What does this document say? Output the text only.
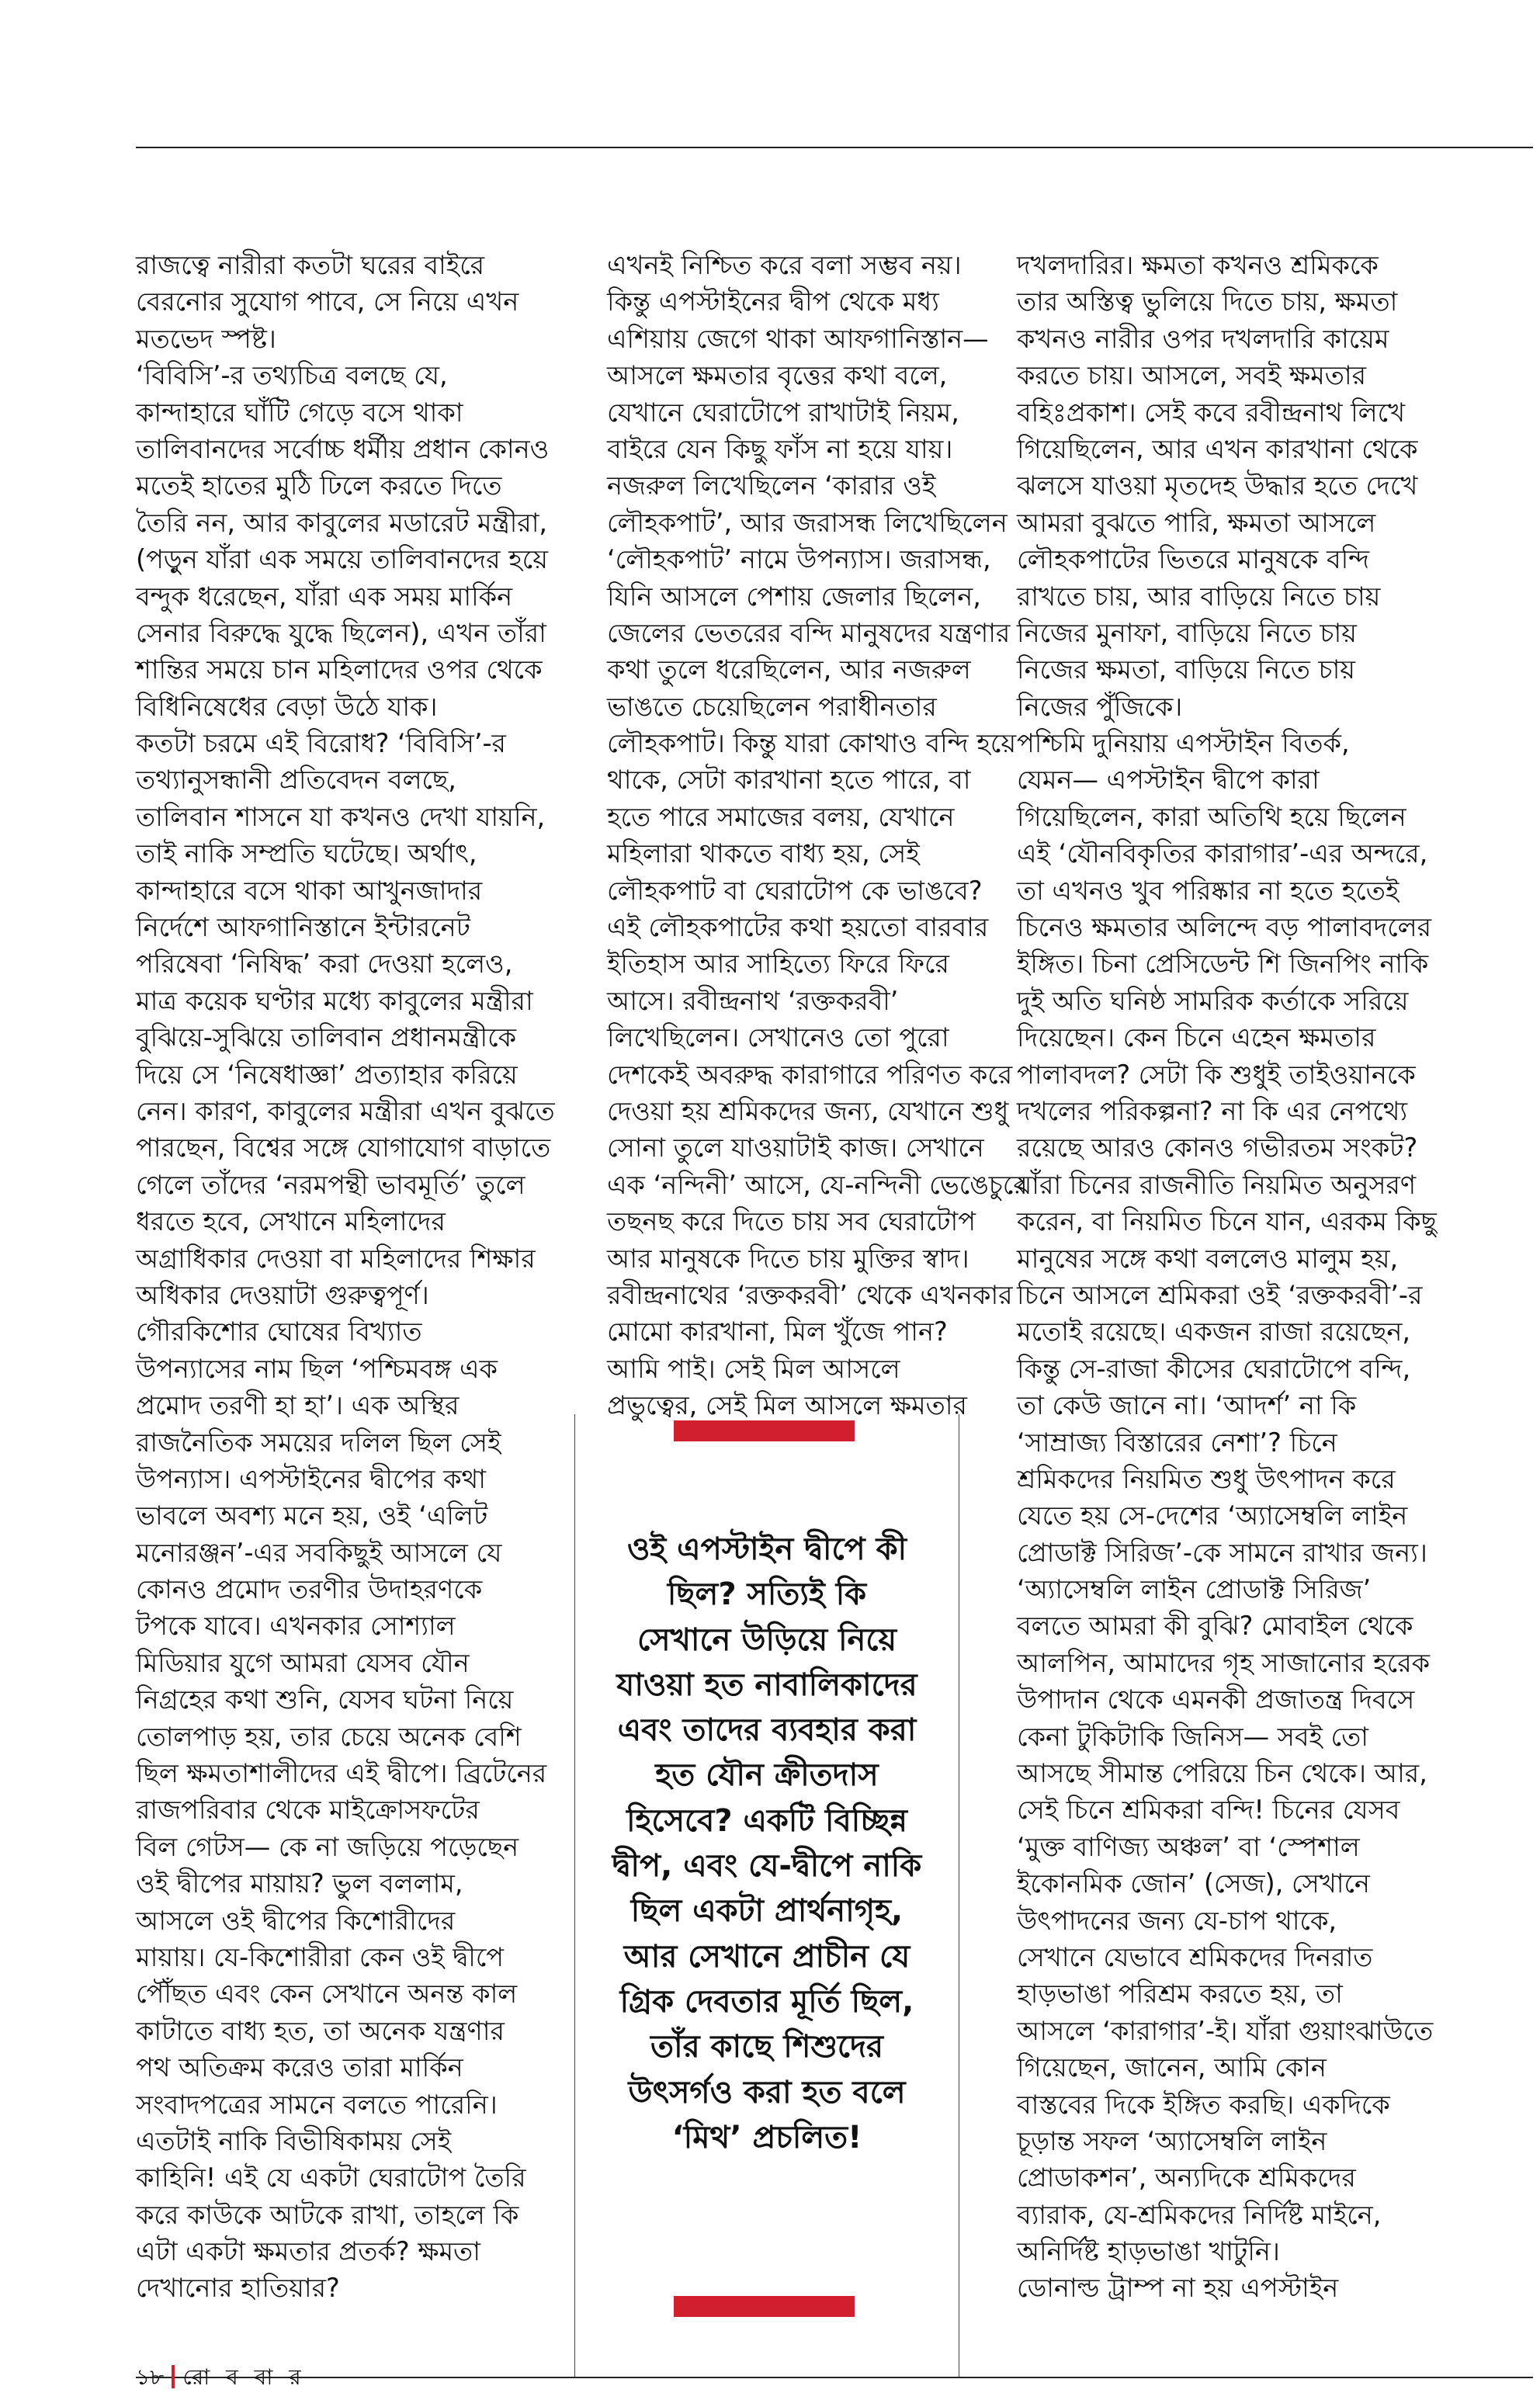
রাজত্বে নারীরা কতটা ঘরের বাইরে
বেরনোর সুযোগ পাবে, সে নিয়ে এখন
মতভেদ স্পষ্ট।
‘বিবিসি’-র তথ্যচিত্র বলছে যে,
কান্দাহারে ঘাঁটি গেড়ে বসে থাকা
তালিবানদের সর্বোচ্চ ধর্মীয় প্রধান কোনও
মতেই হাতের মুঠি ঢিলে করতে দিতে
তৈরি নন, আর কাবুলের মডারেট মন্ত্রীরা,
(পড়ুন যাঁরা এক সময়ে তালিবানদের হয়ে
বন্দুক ধরেছেন, যাঁরা এক সময় মার্কিন
সেনার বিরুদ্ধে যুদ্ধে ছিলেন), এখন তাঁরা
শান্তির সময়ে চান মহিলাদের ওপর থেকে
বিধিনিষেধের বেড়া উঠে যাক।
কতটা চরমে এই বিরোধ? ‘বিবিসি’-র
তথ্যানুসন্ধানী প্রতিবেদন বলছে,
তালিবান শাসনে যা কখনও দেখা যায়নি,
তাই নাকি সম্প্রতি ঘটেছে। অর্থাৎ,
কান্দাহারে বসে থাকা আখুনজাদার
নির্দেশে আফগানিস্তানে ইন্টারনেট
পরিষেবা ‘নিষিদ্ধ’ করা দেওয়া হলেও,
মাত্র কয়েক ঘণ্টার মধ্যে কাবুলের মন্ত্রীরা
বুঝিয়ে-সুঝিয়ে তালিবান প্রধানমন্ত্রীকে
দিয়ে সে ‘নিষেধাজ্ঞা’ প্রত্যাহার করিয়ে
নেন। কারণ, কাবুলের মন্ত্রীরা এখন বুঝতে
পারছেন, বিশ্বের সঙ্গে যোগাযোগ বাড়াতে
গেলে তাঁদের ‘নরমপন্থী ভাবমূর্তি’ তুলে
ধরতে হবে, সেখানে মহিলাদের
অগ্রাধিকার দেওয়া বা মহিলাদের শিক্ষার
অধিকার দেওয়াটা গুরুত্বপূর্ণ।
গৌরকিশোর ঘোষের বিখ্যাত
উপন্যাসের নাম ছিল ‘পশ্চিমবঙ্গ এক
প্রমোদ তরণী হা হা’। এক অস্থির
রাজনৈতিক সময়ের দলিল ছিল সেই
উপন্যাস। এপস্টাইনের দ্বীপের কথা
ভাবলে অবশ্য মনে হয়, ওই ‘এলিট
মনোরঞ্জন’-এর সবকিছুই আসলে যে
কোনও প্রমোদ তরণীর উদাহরণকে
টপকে যাবে। এখনকার সোশ্যাল
মিডিয়ার যুগে আমরা যেসব যৌন
নিগ্রহের কথা শুনি, যেসব ঘটনা নিয়ে
তোলপাড় হয়, তার চেয়ে অনেক বেশি
ছিল ক্ষমতাশালীদের এই দ্বীপে। ব্রিটেনের
রাজপরিবার থেকে মাইক্রোসফটের
বিল গেটস— কে না জড়িয়ে পড়েছেন
ওই দ্বীপের মায়ায়? ভুল বললাম,
আসলে ওই দ্বীপের কিশোরীদের
মায়ায়। যে-কিশোরীরা কেন ওই দ্বীপে
পৌঁছত এবং কেন সেখানে অনন্ত কাল
কাটাতে বাধ্য হত, তা অনেক যন্ত্রণার
পথ অতিক্রম করেও তারা মার্কিন
সংবাদপত্রের সামনে বলতে পারেনি।
এতটাই নাকি বিভীষিকাময় সেই
কাহিনি! এই যে একটা ঘেরাটোপ তৈরি
করে কাউকে আটকে রাখা, তাহলে কি
এটা একটা ক্ষমতার প্রতর্ক? ক্ষমতা
দেখানোর হাতিয়ার?
এখনই নিশ্চিত করে বলা সম্ভব নয়।
কিন্তু এপস্টাইনের দ্বীপ থেকে মধ্য
এশিয়ায় জেগে থাকা আফগানিস্তান—
আসলে ক্ষমতার বৃত্তের কথা বলে,
যেখানে ঘেরাটোপে রাখাটাই নিয়ম,
বাইরে যেন কিছু ফাঁস না হয়ে যায়।
নজরুল লিখেছিলেন ‘কারার ওই
লৌহকপাট’, আর জরাসন্ধ লিখেছিলেন
‘লৌহকপাট’ নামে উপন্যাস। জরাসন্ধ,
যিনি আসলে পেশায় জেলার ছিলেন,
জেলের ভেতরের বন্দি মানুষদের যন্ত্রণার
কথা তুলে ধরেছিলেন, আর নজরুল
ভাঙতে চেয়েছিলেন পরাধীনতার
লৌহকপাট। কিন্তু যারা কোথাও বন্দি হয়ে
থাকে, সেটা কারখানা হতে পারে, বা
হতে পারে সমাজের বলয়, যেখানে
মহিলারা থাকতে বাধ্য হয়, সেই
লৌহকপাট বা ঘেরাটোপ কে ভাঙবে?
এই লৌহকপাটের কথা হয়তো বারবার
ইতিহাস আর সাহিত্যে ফিরে ফিরে
আসে। রবীন্দ্রনাথ ‘রক্তকরবী’
লিখেছিলেন। সেখানেও তো পুরো
দেশকেই অবরুদ্ধ কারাগারে পরিণত করে
দেওয়া হয় শ্রমিকদের জন্য, যেখানে শুধু
সোনা তুলে যাওয়াটাই কাজ। সেখানে
এক ‘নন্দিনী’ আসে, যে-নন্দিনী ভেঙেচুরে
তছনছ করে দিতে চায় সব ঘেরাটোপ
আর মানুষকে দিতে চায় মুক্তির স্বাদ।
রবীন্দ্রনাথের ‘রক্তকরবী’ থেকে এখনকার
মোমো কারখানা, মিল খুঁজে পান?
আমি পাই। সেই মিল আসলে
প্রভুত্বের, সেই মিল আসলে ক্ষমতার
দখলদারির। ক্ষমতা কখনও শ্রমিককে
তার অস্তিত্ব ভুলিয়ে দিতে চায়, ক্ষমতা
কখনও নারীর ওপর দখলদারি কায়েম
করতে চায়। আসলে, সবই ক্ষমতার
বহিঃপ্রকাশ। সেই কবে রবীন্দ্রনাথ লিখে
গিয়েছিলেন, আর এখন কারখানা থেকে
ঝলসে যাওয়া মৃতদেহ উদ্ধার হতে দেখে
আমরা বুঝতে পারি, ক্ষমতা আসলে
লৌহকপাটের ভিতরে মানুষকে বন্দি
রাখতে চায়, আর বাড়িয়ে নিতে চায়
নিজের মুনাফা, বাড়িয়ে নিতে চায়
নিজের ক্ষমতা, বাড়িয়ে নিতে চায়
নিজের পুঁজিকে।
পশ্চিমি দুনিয়ায় এপস্টাইন বিতর্ক,
যেমন— এপস্টাইন দ্বীপে কারা
গিয়েছিলেন, কারা অতিথি হয়ে ছিলেন
এই ‘যৌনবিকৃতির কারাগার’-এর অন্দরে,
তা এখনও খুব পরিষ্কার না হতে হতেই
চিনেও ক্ষমতার অলিন্দে বড় পালাবদলের
ইঙ্গিত। চিনা প্রেসিডেন্ট শি জিনপিং নাকি
দুই অতি ঘনিষ্ঠ সামরিক কর্তাকে সরিয়ে
দিয়েছেন। কেন চিনে এহেন ক্ষমতার
পালাবদল? সেটা কি শুধুই তাইওয়ানকে
দখলের পরিকল্পনা? না কি এর নেপথ্যে
রয়েছে আরও কোনও গভীরতম সংকট?
যাঁরা চিনের রাজনীতি নিয়মিত অনুসরণ
করেন, বা নিয়মিত চিনে যান, এরকম কিছু
মানুষের সঙ্গে কথা বললেও মালুম হয়,
চিনে আসলে শ্রমিকরা ওই ‘রক্তকরবী’-র
মতোই রয়েছে। একজন রাজা রয়েছেন,
কিন্তু সে-রাজা কীসের ঘেরাটোপে বন্দি,
তা কেউ জানে না। ‘আদর্শ’ না কি
‘সাম্রাজ্য বিস্তারের নেশা’? চিনে
শ্রমিকদের নিয়মিত শুধু উৎপাদন করে
যেতে হয় সে-দেশের ‘অ্যাসেম্বলি লাইন
প্রোডাক্ট সিরিজ’-কে সামনে রাখার জন্য।
‘অ্যাসেম্বলি লাইন প্রোডাক্ট সিরিজ’
বলতে আমরা কী বুঝি? মোবাইল থেকে
আলপিন, আমাদের গৃহ সাজানোর হরেক
উপাদান থেকে এমনকী প্রজাতন্ত্র দিবসে
কেনা টুকিটাকি জিনিস— সবই তো
আসছে সীমান্ত পেরিয়ে চিন থেকে। আর,
সেই চিনে শ্রমিকরা বন্দি! চিনের যেসব
‘মুক্ত বাণিজ্য অঞ্চল’ বা ‘স্পেশাল
ইকোনমিক জোন’ (সেজ), সেখানে
উৎপাদনের জন্য যে-চাপ থাকে,
সেখানে যেভাবে শ্রমিকদের দিনরাত
হাড়ভাঙা পরিশ্রম করতে হয়, তা
আসলে ‘কারাগার’-ই। যাঁরা গুয়াংঝাউতে
গিয়েছেন, জানেন, আমি কোন
বাস্তবের দিকে ইঙ্গিত করছি। একদিকে
চূড়ান্ত সফল ‘অ্যাসেম্বলি লাইন
প্রোডাকশন’, অন্যদিকে শ্রমিকদের
ব্যারাক, যে-শ্রমিকদের নির্দিষ্ট মাইনে,
অনির্দিষ্ট হাড়ভাঙা খাটুনি।
ডোনাল্ড ট্রাম্প না হয় এপস্টাইন
ওই এপস্টাইন দ্বীপে কী
ছিল? সত্যিই কি
সেখানে উড়িয়ে নিয়ে
যাওয়া হত নাবালিকাদের
এবং তাদের ব্যবহার করা
হত যৌন ক্রীতদাস
হিসেবে? একটি বিচ্ছিন্ন
দ্বীপ, এবং যে-দ্বীপে নাকি
ছিল একটা প্রার্থনাগৃহ,
আর সেখানে প্রাচীন যে
গ্রিক দেবতার মূর্তি ছিল,
তাঁর কাছে শিশুদের
উৎসর্গও করা হত বলে
‘মিথ’ প্রচলিত!
১৮ রো ব বা র
